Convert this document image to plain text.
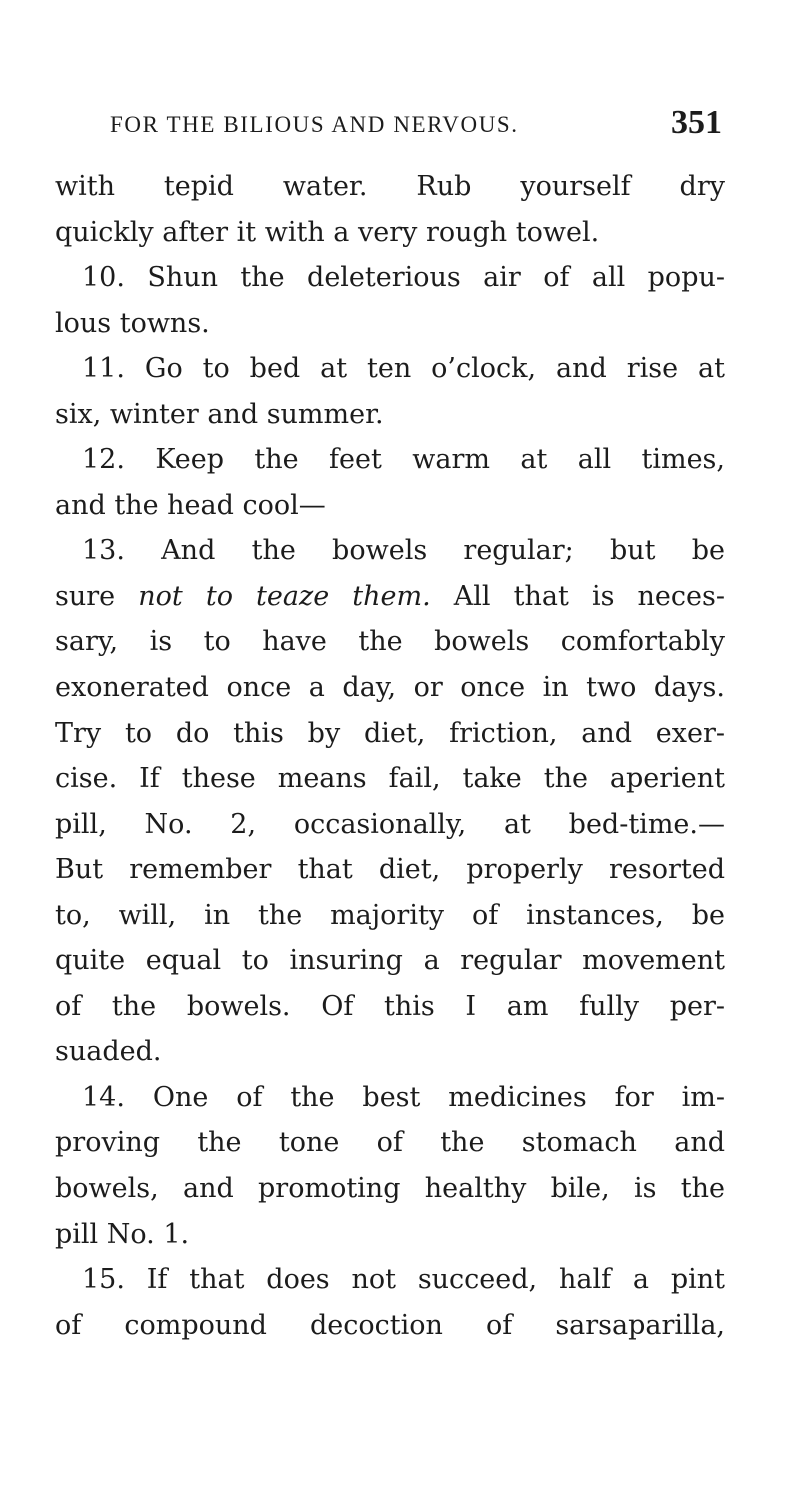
FOR THE BILIOUS AND NERVOUS.	351
with tepid water. Rub yourself dry
quickly after it with a very rough towel.
10. Shun the deleterious air of all popu-
lous towns.
11. Go to bed at ten o’clock, and rise at
six, winter and summer.
12. Keep the feet warm at all times,
and the head cool—
13. And the bowels regular; but be
sure not to teaze them. All that is neces-
sary, is to have the bowels comfortably
exonerated once a day, or once in two days.
Try to do this by diet, friction, and exer-
cise. If these means fail, take the aperient
pill, No. 2, occasionally, at bed-time.—
But remember that diet, properly resorted
to, will, in the majority of instances, be
quite equal to insuring a regular movement
of the bowels. Of this I am fully per-
suaded.
14. One of the best medicines for im-
proving the tone of the stomach and
bowels, and promoting healthy bile, is the
pill No. 1.
15. If that does not succeed, half a pint
of compound decoction of sarsaparilla,
